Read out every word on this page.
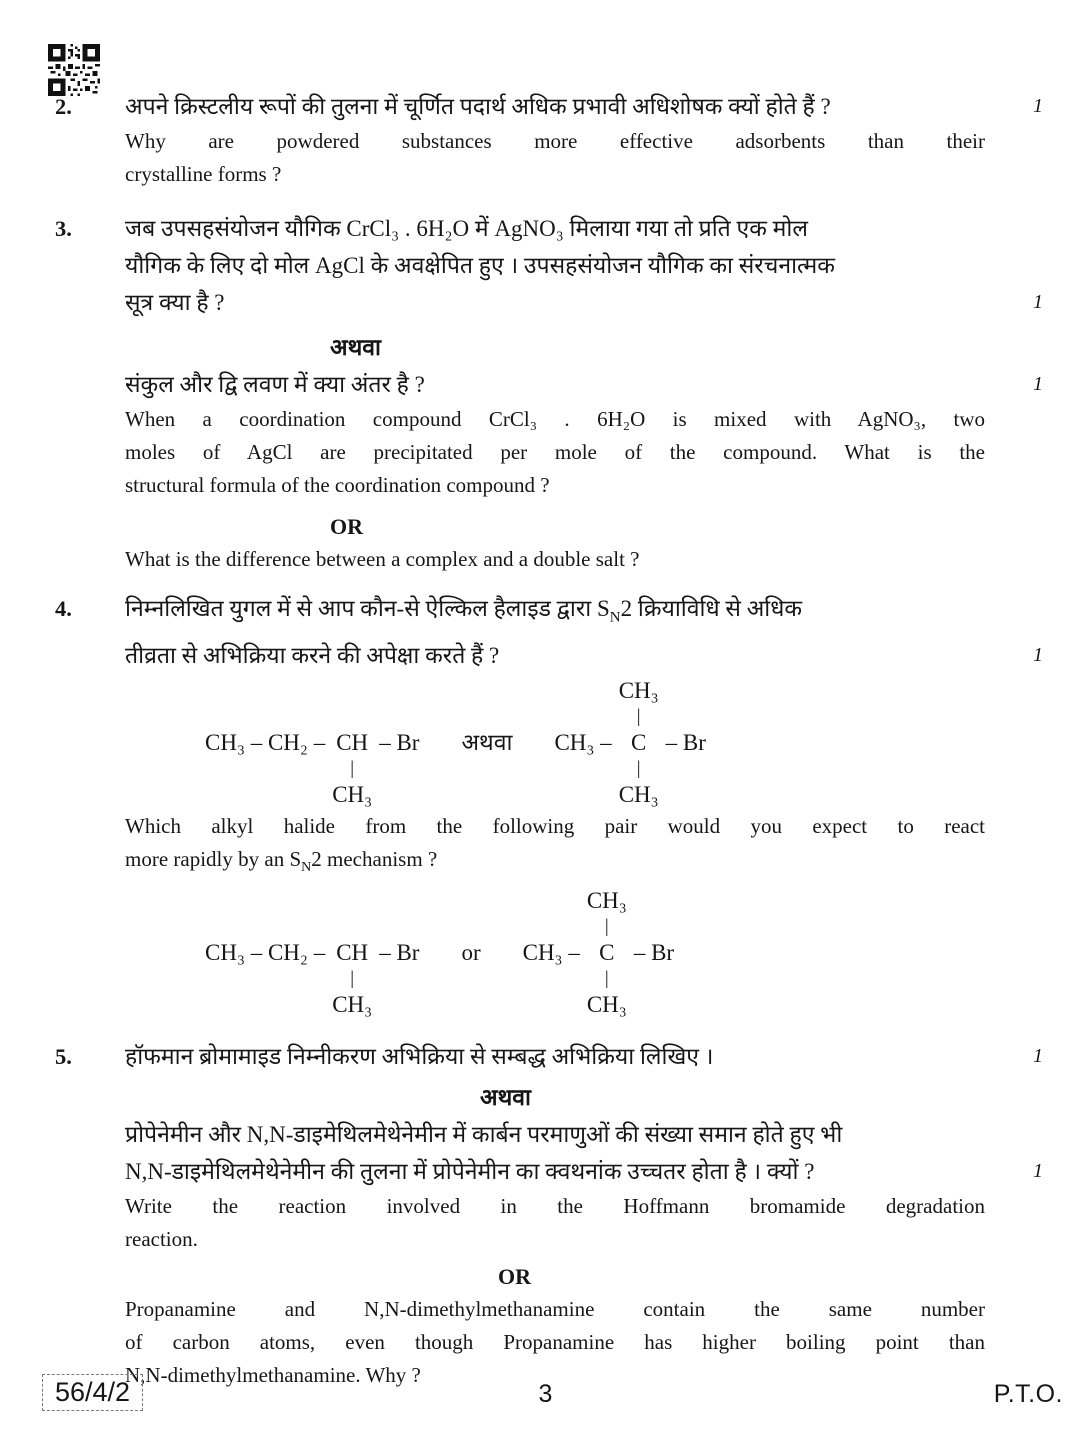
2.	अपने क्रिस्टलीय रूपों की तुलना में चूर्णित पदार्थ अधिक प्रभावी अधिशोषक क्यों होते हैं ?	1
Why are powdered substances more effective adsorbents than their
crystalline forms ?
3.	जब उपसहसंयोजन यौगिक CrCl₃ . 6H₂O में AgNO₃ मिलाया गया तो प्रति एक मोल
यौगिक के लिए दो मोल AgCl के अवक्षेपित हुए । उपसहसंयोजन यौगिक का संरचनात्मक
सूत्र क्या है ?	1
अथवा
संकुल और द्वि लवण में क्या अंतर है ?	1
When a coordination compound CrCl₃ . 6H₂O is mixed with AgNO₃, two
moles of AgCl are precipitated per mole of the compound. What is the
structural formula of the coordination compound ?
OR
What is the difference between a complex and a double salt ?
4.	निम्नलिखित युगल में से आप कौन-से ऐल्किल हैलाइड द्वारा $S_N2$ क्रियाविधि से अधिक
तीव्रता से अभिक्रिया करने की अपेक्षा करते हैं ?	1
CH₃ – CH₂ – CH – Br
|
CH₃
अथवा
CH₃
|
CH₃ – C – Br
|
CH₃
Which alkyl halide from the following pair would you expect to react
more rapidly by an $S_N2$ mechanism ?
CH₃ – CH₂ – CH – Br
|
CH₃
or
CH₃
|
CH₃ – C – Br
|
CH₃
5.	हॉफमान ब्रोमामाइड निम्नीकरण अभिक्रिया से सम्बद्ध अभिक्रिया लिखिए ।	1
अथवा
प्रोपेनेमीन और N,N-डाइमेथिलमेथेनेमीन में कार्बन परमाणुओं की संख्या समान होते हुए भी
N,N-डाइमेथिलमेथेनेमीन की तुलना में प्रोपेनेमीन का क्वथनांक उच्चतर होता है । क्यों ?	1
Write the reaction involved in the Hoffmann bromamide degradation
reaction.
OR
Propanamine and N,N-dimethylmethanamine contain the same number
of carbon atoms, even though Propanamine has higher boiling point than
N,N-dimethylmethanamine. Why ?
56/4/2	3	P.T.O.
